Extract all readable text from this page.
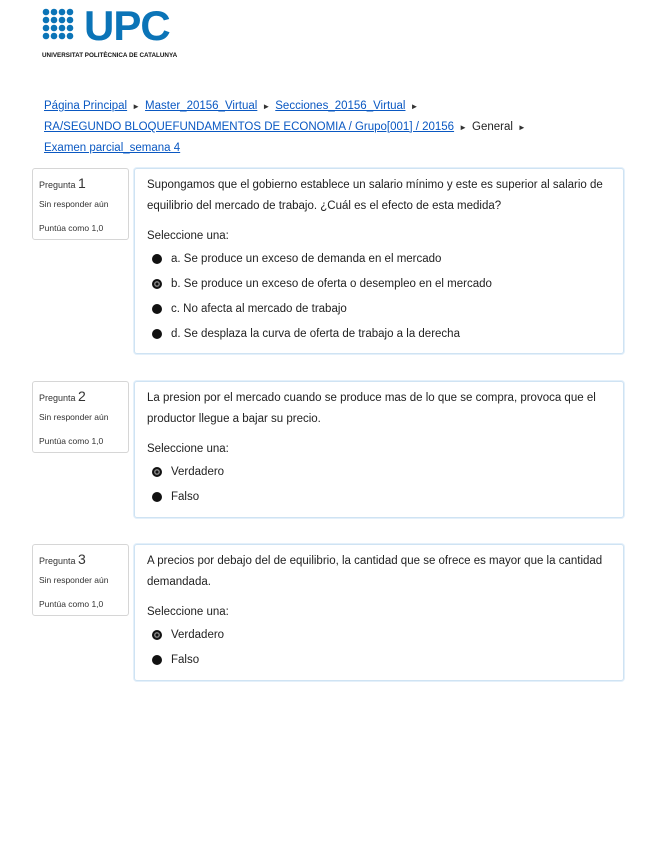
UPC
UNIVERSITAT POLITÈCNICA DE CATALUNYA
Página Principal ► Master_20156_Virtual ► Secciones_20156_Virtual ►
RA/SEGUNDO BLOQUEFUNDAMENTOS DE ECONOMIA / Grupo[001] / 20156 ► General ►
Examen parcial_semana 4
Pregunta 1
Sin responder aún
Puntúa como 1,0
Supongamos que el gobierno establece un salario mínimo y este es superior al salario de equilibrio del mercado de trabajo. ¿Cuál es el efecto de esta medida?
Seleccione una:
a. Se produce un exceso de demanda en el mercado
b. Se produce un exceso de oferta o desempleo en el mercado
c. No afecta al mercado de trabajo
d. Se desplaza la curva de oferta de trabajo a la derecha
Pregunta 2
Sin responder aún
Puntúa como 1,0
La presion por el mercado cuando se produce mas de lo que se compra, provoca que el productor llegue a bajar su precio.
Seleccione una:
Verdadero
Falso
Pregunta 3
Sin responder aún
Puntúa como 1,0
A precios por debajo del de equilibrio, la cantidad que se ofrece es mayor que la cantidad demandada.
Seleccione una:
Verdadero
Falso
